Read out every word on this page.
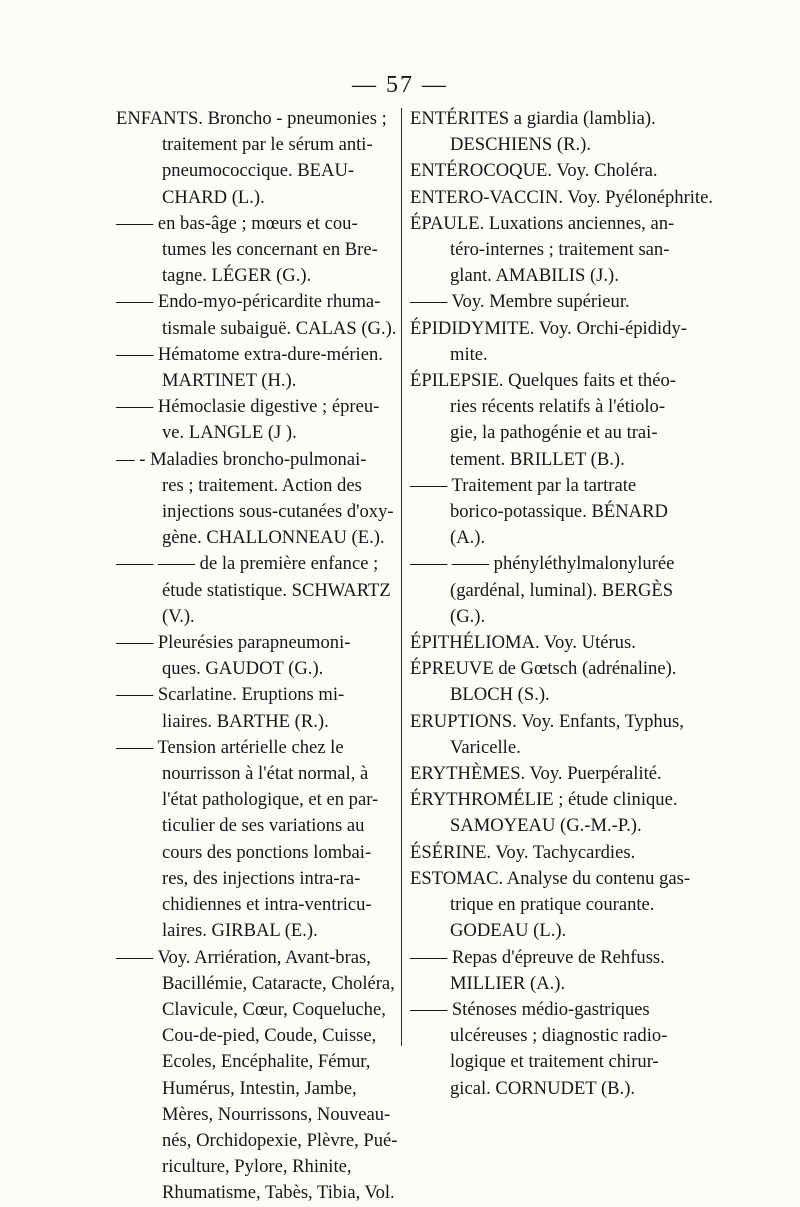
— 57 —
ENFANTS. Broncho - pneumonies ;
traitement par le sérum anti-
pneumococcique. BEAU-
CHARD (L.).
—— en bas-âge ; mœurs et cou-
tumes les concernant en Bre-
tagne. LÉGER (G.).
—— Endo-myo-péricardite rhuma-
tismale subaiguë. CALAS (G.).
—— Hématome extra-dure-mérien.
MARTINET (H.).
—— Hémoclasie digestive ; épreu-
ve. LANGLE (J ).
— - Maladies broncho-pulmonai-
res ; traitement. Action des
injections sous-cutanées d'oxy-
gène. CHALLONNEAU (E.).
—— —— de la première enfance ;
étude statistique. SCHWARTZ
(V.).
—— Pleurésies parapneumoni-
ques. GAUDOT (G.).
—— Scarlatine. Eruptions mi-
liaires. BARTHE (R.).
—— Tension artérielle chez le
nourrisson à l'état normal, à
l'état pathologique, et en par-
ticulier de ses variations au
cours des ponctions lombai-
res, des injections intra-ra-
chidiennes et intra-ventricu-
laires. GIRBAL (E.).
—— Voy. Arriération, Avant-bras,
Bacillémie, Cataracte, Choléra,
Clavicule, Cœur, Coqueluche,
Cou-de-pied, Coude, Cuisse,
Ecoles, Encéphalite, Fémur,
Humérus, Intestin, Jambe,
Mères, Nourrissons, Nouveau-
nés, Orchidopexie, Plèvre, Pué-
riculture, Pylore, Rhinite,
Rhumatisme, Tabès, Tibia, Vol.
ENTÉRITES a giardia (lamblia).
DESCHIENS (R.).
ENTÉROCOQUE. Voy. Choléra.
ENTERO-VACCIN. Voy. Pyélonéphrite.
ÉPAULE. Luxations anciennes, an-
téro-internes ; traitement san-
glant. AMABILIS (J.).
—— Voy. Membre supérieur.
ÉPIDIDYMITE. Voy. Orchi-épididy-
mite.
ÉPILEPSIE. Quelques faits et théo-
ries récents relatifs à l'étiolo-
gie, la pathogénie et au trai-
tement. BRILLET (B.).
—— Traitement par la tartrate
borico-potassique. BÉNARD
(A.).
—— —— phényléthylmalonylurée
(gardénal, luminal). BERGÈS
(G.).
ÉPITHÉLIOMA. Voy. Utérus.
ÉPREUVE de Gœtsch (adrénaline).
BLOCH (S.).
ERUPTIONS. Voy. Enfants, Typhus,
Varicelle.
ERYTHÈMES. Voy. Puerpéralité.
ÉRYTHROMÉLIE ; étude clinique.
SAMOYEAU (G.-M.-P.).
ÉSÉRINE. Voy. Tachycardies.
ESTOMAC. Analyse du contenu gas-
trique en pratique courante.
GODEAU (L.).
—— Repas d'épreuve de Rehfuss.
MILLIER (A.).
—— Sténoses médio-gastriques
ulcéreuses ; diagnostic radio-
logique et traitement chirur-
gical. CORNUDET (B.).
